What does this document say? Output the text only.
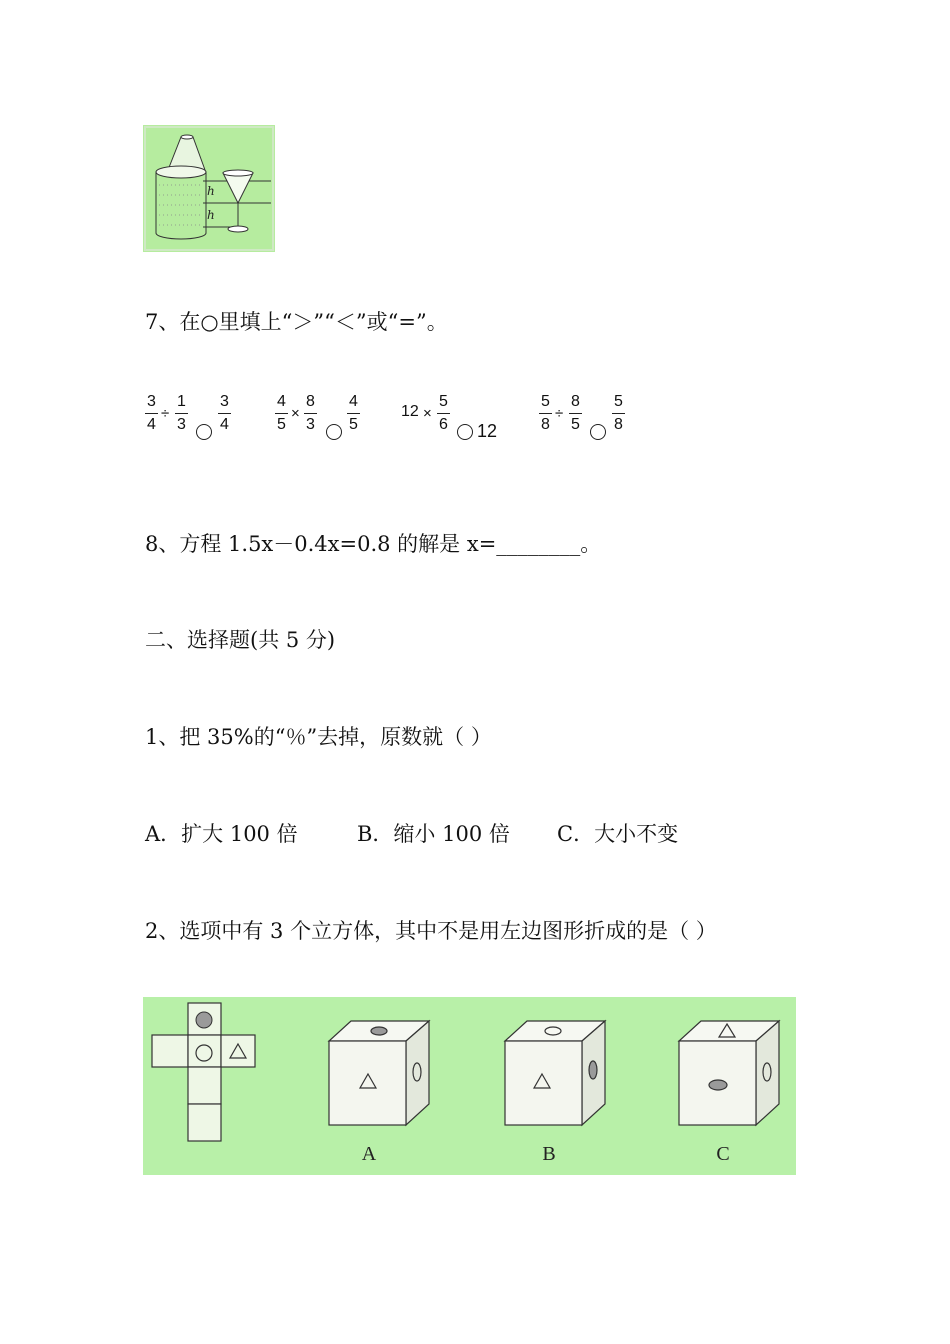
h
h
7、在○里填上“＞”“＜”或“=”。
3
4
÷
1
3
3
4
4
5
×
8
3
4
5
12 ×
5
6 12
5
8
÷
8
5
5
8
8、方程 1.5x－0.4x=0.8 的解是 x=________。
二、选择题(共 5 分)
1、把 35%的“％”去掉，原数就（ ）
A．扩大 100 倍	B．缩小 100 倍 C．大小不变
2、选项中有 3 个立方体，其中不是用左边图形折成的是（ ）
A	B	C
